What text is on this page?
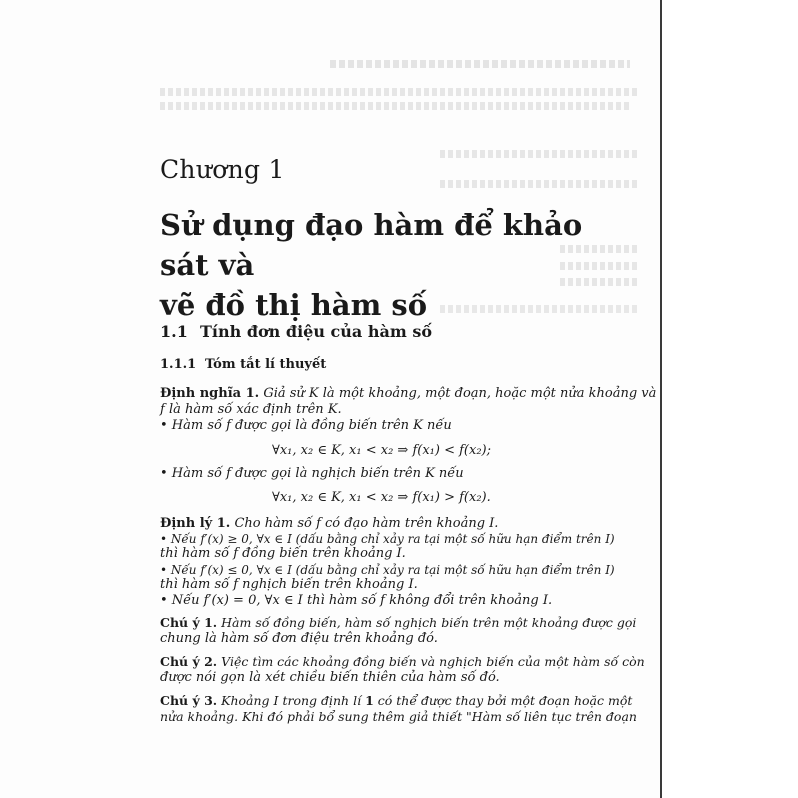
Chương 1
Sử dụng đạo hàm để khảo sát và
vẽ đồ thị hàm số
1.1 Tính đơn điệu của hàm số
1.1.1 Tóm tắt lí thuyết
Định nghĩa 1. Giả sử K là một khoảng, một đoạn, hoặc một nửa khoảng và
f là hàm số xác định trên K.
• Hàm số f được gọi là đồng biến trên K nếu
∀x₁, x₂ ∈ K, x₁ < x₂ ⇒ f(x₁) < f(x₂);
• Hàm số f được gọi là nghịch biến trên K nếu
∀x₁, x₂ ∈ K, x₁ < x₂ ⇒ f(x₁) > f(x₂).
Định lý 1. Cho hàm số f có đạo hàm trên khoảng I.
• Nếu f′(x) ≥ 0, ∀x ∈ I (dấu bằng chỉ xảy ra tại một số hữu hạn điểm trên I)
thì hàm số f đồng biến trên khoảng I.
• Nếu f′(x) ≤ 0, ∀x ∈ I (dấu bằng chỉ xảy ra tại một số hữu hạn điểm trên I)
thì hàm số f nghịch biến trên khoảng I.
• Nếu f′(x) = 0, ∀x ∈ I thì hàm số f không đổi trên khoảng I.
Chú ý 1. Hàm số đồng biến, hàm số nghịch biến trên một khoảng được gọi
chung là hàm số đơn điệu trên khoảng đó.
Chú ý 2. Việc tìm các khoảng đồng biến và nghịch biến của một hàm số còn
được nói gọn là xét chiều biến thiên của hàm số đó.
Chú ý 3. Khoảng I trong định lí 1 có thể được thay bởi một đoạn hoặc một
nửa khoảng. Khi đó phải bổ sung thêm giả thiết "Hàm số liên tục trên đoạn
